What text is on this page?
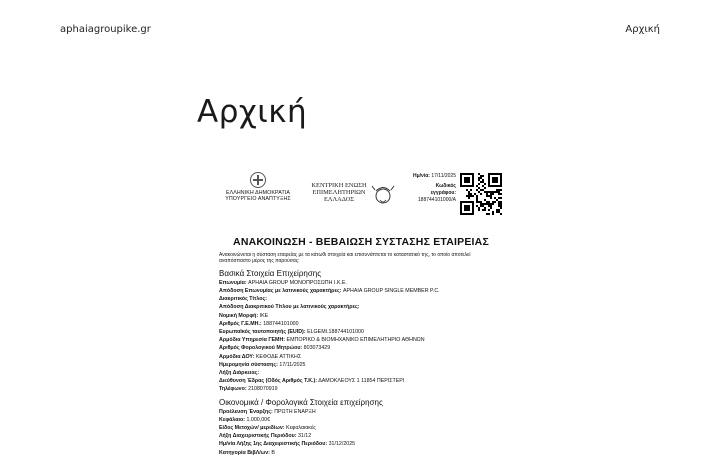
aphaiagroupike.gr	Αρχική
Αρχική
ΕΛΛΗΝΙΚΗ ΔΗΜΟΚΡΑΤΙΑ
ΥΠΟΥΡΓΕΙΟ ΑΝΑΠΤΥΞΗΣ
ΚΕΝΤΡΙΚΗ ΕΝΩΣΗ
ΕΠΙΜΕΛΗΤΗΡΙΩΝ
ΕΛΛΑΔΟΣ
Ημ/νία: 17/11/2025
Κωδικός
εγγράφου:
188744101000/A
ΑΝΑΚΟΙΝΩΣΗ - ΒΕΒΑΙΩΣΗ ΣΥΣΤΑΣΗΣ ΕΤΑΙΡΕΙΑΣ
Ανακοινώνεται η σύσταση εταιρείας με τα κάτωθι στοιχεία και επισυνάπτεται το καταστατικό της, το οποίο αποτελεί αναπόσπαστο μέρος της παρούσας:
Βασικά Στοιχεία Επιχείρησης
Επωνυμία: APHAIA GROUP ΜΟΝΟΠΡΟΣΩΠΗ Ι.Κ.Ε.
Απόδοση Επωνυμίας με λατινικούς χαρακτήρες: APHAIA GROUP SINGLE MEMBER P.C.
Διακριτικός Τίτλος:
Απόδοση Διακριτικού Τίτλου με λατινικούς χαρακτήρες:
Νομική Μορφή: ΙΚΕ
Αριθμός Γ.Ε.ΜΗ.: 188744101000
Ευρωπαϊκός ταυτοποιητής (EUID): ELGEMI.188744101000
Αρμόδια Υπηρεσία ΓΕΜΗ: ΕΜΠΟΡΙΚΟ & ΒΙΟΜΗΧΑΝΙΚΟ ΕΠΙΜΕΛΗΤΗΡΙΟ ΑΘΗΝΩΝ
Αριθμός Φορολογικού Μητρώου: 803073429
Αρμόδια ΔΟΥ: ΚΕΦΟΔΕ ΑΤΤΙΚΗΣ
Ημερομηνία σύστασης: 17/11/2025
Λήξη Διάρκειας:
Διεύθυνση Έδρας (Οδός Αριθμός Τ.Κ.): ΔΑΜΟΚΛΕΟΥΣ 1 11854 ΠΕΡΙΣΤΕΡΙ
Τηλέφωνο: 2108070919
Οικονομικά / Φορολογικά Στοιχεία επιχείρησης
Προέλευση Έναρξης: ΠΡΩΤΗ ΕΝΑΡΞΗ
Κεφάλαιο: 1.000,00€
Είδος Μετοχών/ μεριδίων: Κεφαλαιακές
Λήξη Διαχειριστικής Περιόδου: 31/12
Ημ/νία Λήξης 1ης Διαχειριστικής Περιόδου: 31/12/2025
Κατηγορία ΒιβΛ/ων: Β
